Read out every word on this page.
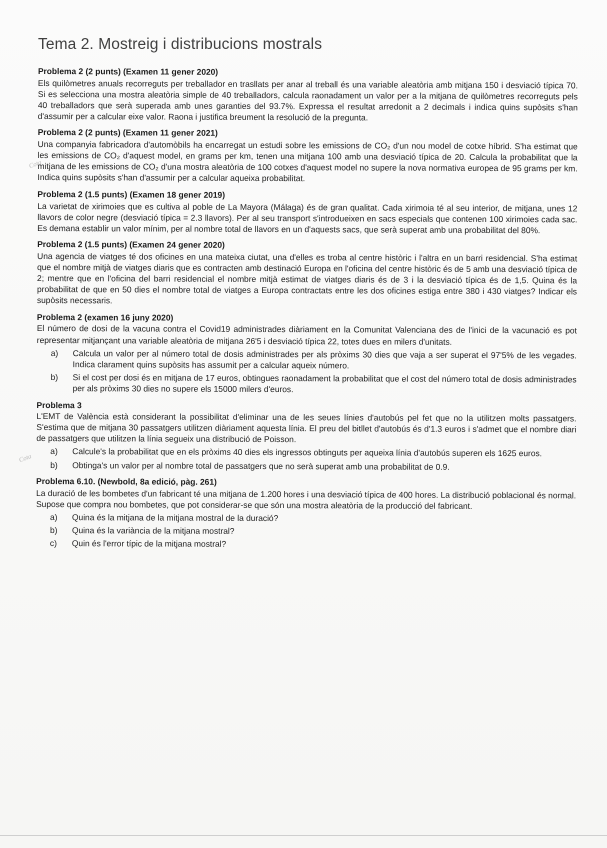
Tema 2. Mostreig i distribucions mostrals
Cota
Cota
Problema 2 (2 punts) (Examen 11 gener 2020)
Els quilòmetres anuals recorreguts per treballador en trasllats per anar al treball és una variable aleatòria amb mitjana 150 i desviació típica 70. Si es selecciona una mostra aleatòria simple de 40 treballadors, calcula raonadament un valor per a la mitjana de quilòmetres recorreguts pels 40 treballadors que serà superada amb unes garanties del 93.7%. Expressa el resultat arredonit a 2 decimals i indica quins supòsits s'han d'assumir per a calcular eixe valor. Raona i justifica breument la resolució de la pregunta.
Problema 2 (2 punts) (Examen 11 gener 2021)
Una companyia fabricadora d'automòbils ha encarregat un estudi sobre les emissions de CO₂ d'un nou model de cotxe híbrid. S'ha estimat que les emissions de CO₂ d'aquest model, en grams per km, tenen una mitjana 100 amb una desviació típica de 20. Calcula la probabilitat que la mitjana de les emissions de CO₂ d'una mostra aleatòria de 100 cotxes d'aquest model no supere la nova normativa europea de 95 grams per km. Indica quins supòsits s'han d'assumir per a calcular aqueixa probabilitat.
Problema 2 (1.5 punts) (Examen 18 gener 2019)
La varietat de xirimoies que es cultiva al poble de La Mayora (Málaga) és de gran qualitat. Cada xirimoia té al seu interior, de mitjana, unes 12 llavors de color negre (desviació típica = 2.3 llavors). Per al seu transport s'introdueixen en sacs especials que contenen 100 xirimoies cada sac. Es demana establir un valor mínim, per al nombre total de llavors en un d'aquests sacs, que serà superat amb una probabilitat del 80%.
Problema 2 (1.5 punts) (Examen 24 gener 2020)
Una agencia de viatges té dos oficines en una mateixa ciutat, una d'elles es troba al centre històric i l'altra en un barri residencial. S'ha estimat que el nombre mitjà de viatges diaris que es contracten amb destinació Europa en l'oficina del centre històric és de 5 amb una desviació típica de 2; mentre que en l'oficina del barri residencial el nombre mitjà estimat de viatges diaris és de 3 i la desviació típica és de 1,5. Quina és la probabilitat de que en 50 dies el nombre total de viatges a Europa contractats entre les dos oficines estiga entre 380 i 430 viatges? Indicar els supòsits necessaris.
Problema 2 (examen 16 juny 2020)
El número de dosi de la vacuna contra el Covid19 administrades diàriament en la Comunitat Valenciana des de l'inici de la vacunació es pot representar mitjançant una variable aleatòria de mitjana 26'5 i desviació típica 22, totes dues en milers d'unitats.
a) Calcula un valor per al número total de dosis administrades per als pròxims 30 dies que vaja a ser superat el 97'5% de les vegades. Indica clarament quins supòsits has assumit per a calcular aqueix número.
b) Si el cost per dosi és en mitjana de 17 euros, obtingues raonadament la probabilitat que el cost del número total de dosis administrades per als pròxims 30 dies no supere els 15000 milers d'euros.
Problema 3
L'EMT de València està considerant la possibilitat d'eliminar una de les seues línies d'autobús pel fet que no la utilitzen molts passatgers. S'estima que de mitjana 30 passatgers utilitzen diàriament aquesta línia. El preu del bitllet d'autobús és d'1.3 euros i s'admet que el nombre diari de passatgers que utilitzen la línia segueix una distribució de Poisson.
a) Calcule's la probabilitat que en els pròxims 40 dies els ingressos obtinguts per aqueixa línia d'autobús superen els 1625 euros.
b) Obtinga's un valor per al nombre total de passatgers que no serà superat amb una probabilitat de 0.9.
Problema 6.10. (Newbold, 8a edició, pàg. 261)
La duració de les bombetes d'un fabricant té una mitjana de 1.200 hores i una desviació típica de 400 hores. La distribució poblacional és normal. Supose que compra nou bombetes, que pot considerar-se que són una mostra aleatòria de la producció del fabricant.
a) Quina és la mitjana de la mitjana mostral de la duració?
b) Quina és la variància de la mitjana mostral?
c) Quin és l'error típic de la mitjana mostral?
